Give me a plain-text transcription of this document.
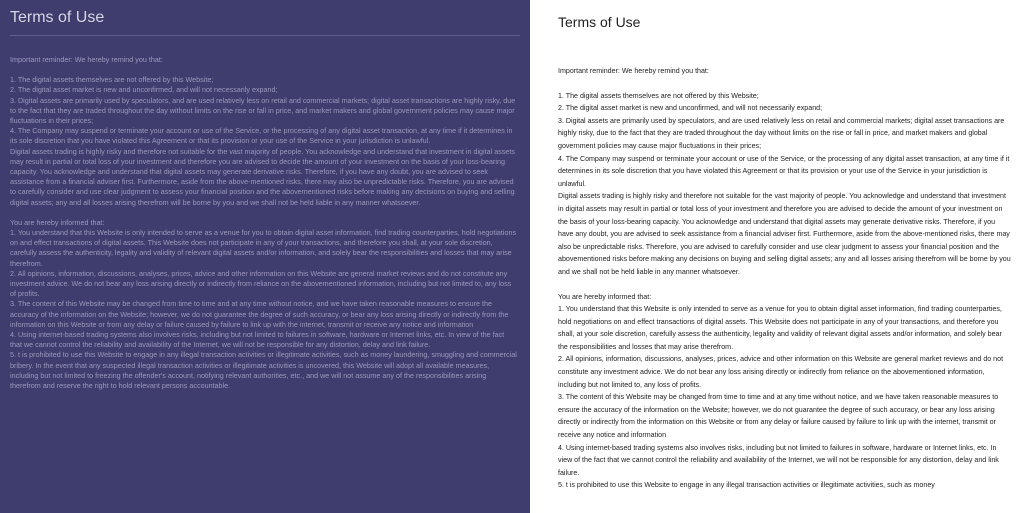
Terms of Use

Important reminder: We hereby remind you that:

1. The digital assets themselves are not offered by this Website;

2. The digital asset market is new and unconfirmed, and will not necessarily expand;

3. Digital assets are primarily used by speculators, and are used relatively less on retail and commercial markets; digital asset transactions are highly risky, due to the fact that they are traded throughout the day without limits on the rise or fall in price, and market makers and global government policies may cause major fluctuations in their prices;

4. The Company may suspend or terminate your account or use of the Service, or the processing of any digital asset transaction, at any time if it determines in its sole discretion that you have violated this Agreement or that its provision or your use of the Service in your jurisdiction is unlawful.

Digital assets trading is highly risky and therefore not suitable for the vast majority of people. You acknowledge and understand that investment in digital assets may result in partial or total loss of your investment and therefore you are advised to decide the amount of your investment on the basis of your loss-bearing capacity. You acknowledge and understand that digital assets may generate derivative risks. Therefore, if you have any doubt, you are advised to seek assistance from a financial adviser first. Furthermore, aside from the above-mentioned risks, there may also be unpredictable risks. Therefore, you are advised to carefully consider and use clear judgment to assess your financial position and the abovementioned risks before making any decisions on buying and selling digital assets; any and all losses arising therefrom will be borne by you and we shall not be held liable in any manner whatsoever.

You are hereby informed that:

1. You understand that this Website is only intended to serve as a venue for you to obtain digital asset information, find trading counterparties, hold negotiations on and effect transactions of digital assets. This Website does not participate in any of your transactions, and therefore you shall, at your sole discretion, carefully assess the authenticity, legality and validity of relevant digital assets and/or information, and solely bear the responsibilities and losses that may arise therefrom.

2. All opinions, information, discussions, analyses, prices, advice and other information on this Website are general market reviews and do not constitute any investment advice. We do not bear any loss arising directly or indirectly from reliance on the abovementioned information, including but not limited to, any loss of profits.

3. The content of this Website may be changed from time to time and at any time without notice, and we have taken reasonable measures to ensure the accuracy of the information on the Website; however, we do not guarantee the degree of such accuracy, or bear any loss arising directly or indirectly from the information on this Website or from any delay or failure caused by failure to link up with the internet, transmit or receive any notice and information

4. Using internet-based trading systems also involves risks, including but not limited to failures in software, hardware or Internet links, etc. In view of the fact that we cannot control the reliability and availability of the Internet, we will not be responsible for any distortion, delay and link failure.

5. t is prohibited to use this Website to engage in any illegal transaction activities or illegitimate activities, such as money laundering, smuggling and commercial bribery. In the event that any suspected illegal transaction activities or illegitimate activities is uncovered, this Website will adopt all available measures, including but not limited to freezing the offender's account, notifying relevant authorities, etc., and we will not assume any of the responsibilities arising therefrom and reserve the right to hold relevant persons accountable.

Terms of Use

Important reminder: We hereby remind you that:

1. The digital assets themselves are not offered by this Website;

2. The digital asset market is new and unconfirmed, and will not necessarily expand;

3. Digital assets are primarily used by speculators, and are used relatively less on retail and commercial markets; digital asset transactions are highly risky, due to the fact that they are traded throughout the day without limits on the rise or fall in price, and market makers and global government policies may cause major fluctuations in their prices;

4. The Company may suspend or terminate your account or use of the Service, or the processing of any digital asset transaction, at any time if it determines in its sole discretion that you have violated this Agreement or that its provision or your use of the Service in your jurisdiction is unlawful.

Digital assets trading is highly risky and therefore not suitable for the vast majority of people. You acknowledge and understand that investment in digital assets may result in partial or total loss of your investment and therefore you are advised to decide the amount of your investment on the basis of your loss-bearing capacity. You acknowledge and understand that digital assets may generate derivative risks. Therefore, if you have any doubt, you are advised to seek assistance from a financial adviser first. Furthermore, aside from the above-mentioned risks, there may also be unpredictable risks. Therefore, you are advised to carefully consider and use clear judgment to assess your financial position and the abovementioned risks before making any decisions on buying and selling digital assets; any and all losses arising therefrom will be borne by you and we shall not be held liable in any manner whatsoever.

You are hereby informed that:

1. You understand that this Website is only intended to serve as a venue for you to obtain digital asset information, find trading counterparties, hold negotiations on and effect transactions of digital assets. This Website does not participate in any of your transactions, and therefore you shall, at your sole discretion, carefully assess the authenticity, legality and validity of relevant digital assets and/or information, and solely bear the responsibilities and losses that may arise therefrom.

2. All opinions, information, discussions, analyses, prices, advice and other information on this Website are general market reviews and do not constitute any investment advice. We do not bear any loss arising directly or indirectly from reliance on the abovementioned information, including but not limited to, any loss of profits.

3. The content of this Website may be changed from time to time and at any time without notice, and we have taken reasonable measures to ensure the accuracy of the information on the Website; however, we do not guarantee the degree of such accuracy, or bear any loss arising directly or indirectly from the information on this Website or from any delay or failure caused by failure to link up with the internet, transmit or receive any notice and information

4. Using internet-based trading systems also involves risks, including but not limited to failures in software, hardware or Internet links, etc. In view of the fact that we cannot control the reliability and availability of the Internet, we will not be responsible for any distortion, delay and link failure.

5. t is prohibited to use this Website to engage in any illegal transaction activities or illegitimate activities, such as money
